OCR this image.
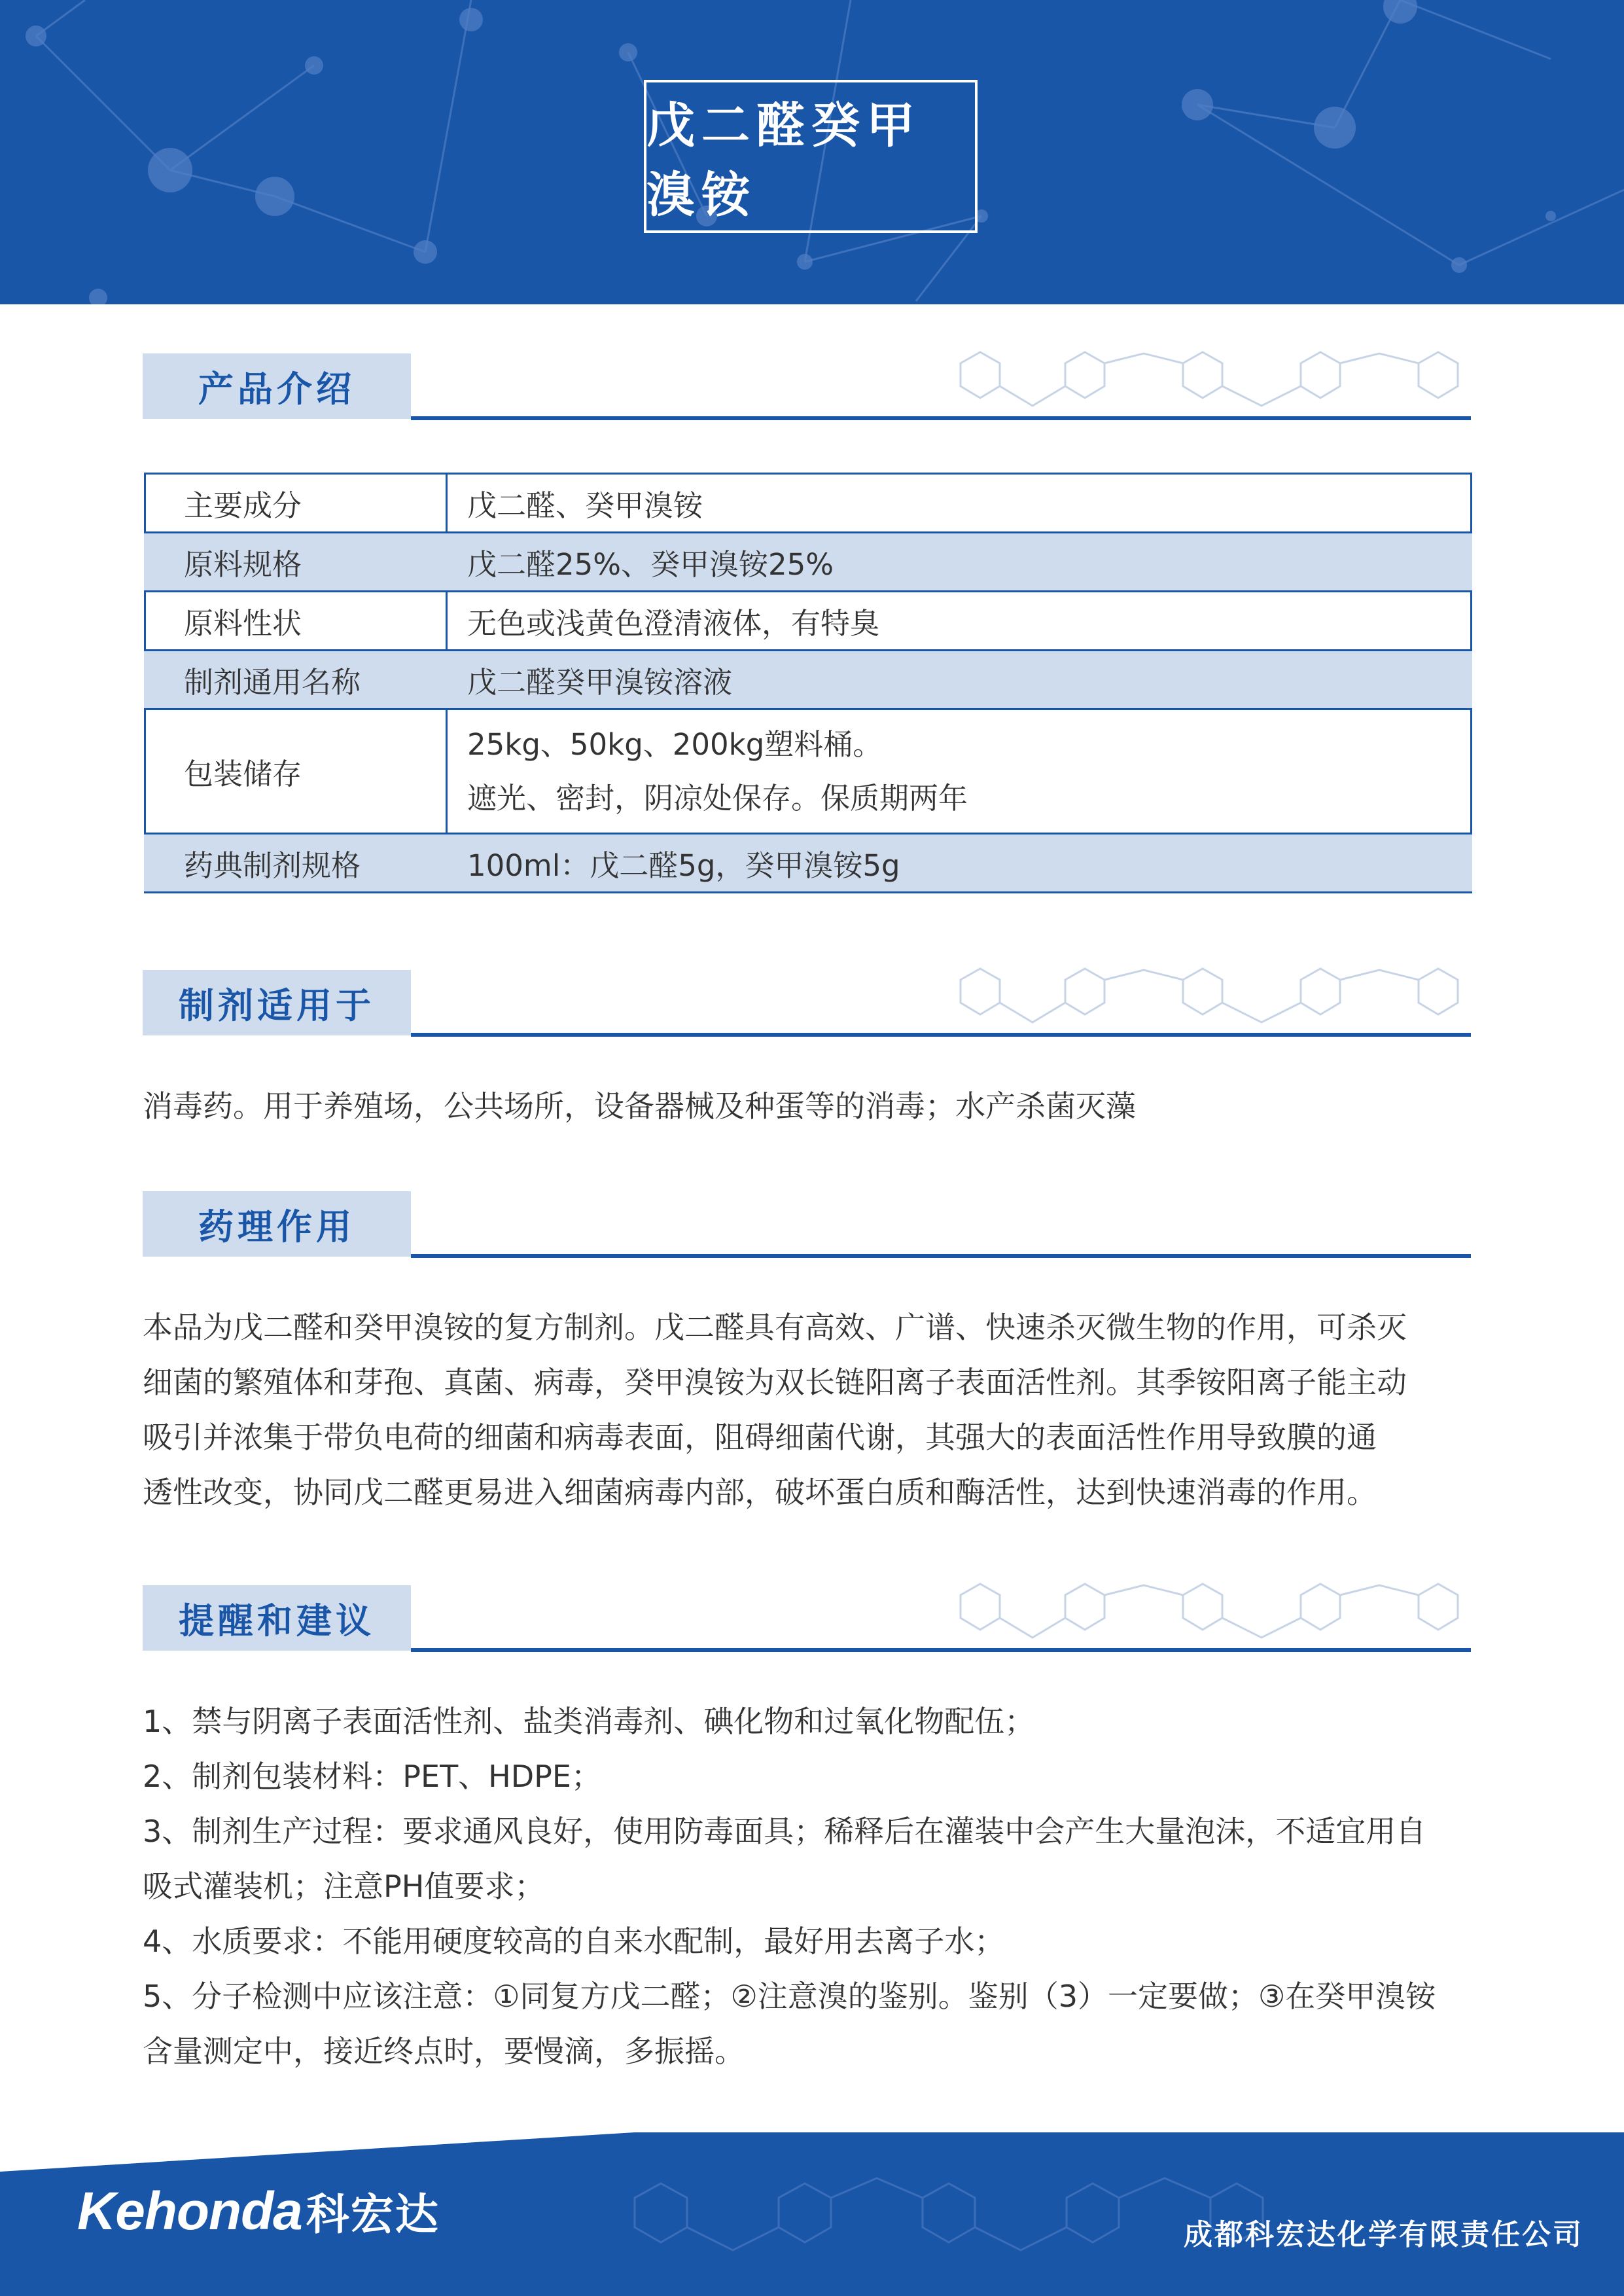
戊二醛癸甲溴铵
产品介绍
主要成分	戊二醛、癸甲溴铵
原料规格	戊二醛25%、癸甲溴铵25%
原料性状	无色或浅黄色澄清液体，有特臭
制剂通用名称	戊二醛癸甲溴铵溶液
包装储存	25kg、50kg、200kg塑料桶。
遮光、密封，阴凉处保存。保质期两年

药典制剂规格	100ml：戊二醛5g，癸甲溴铵5g
制剂适用于

消毒药。用于养殖场，公共场所，设备器械及种蛋等的消毒；水产杀菌灭藻

药理作用
本品为戊二醛和癸甲溴铵的复方制剂。戊二醛具有高效、广谱、快速杀灭微生物的作用，可杀灭
细菌的繁殖体和芽孢、真菌、病毒，癸甲溴铵为双长链阳离子表面活性剂。其季铵阳离子能主动
吸引并浓集于带负电荷的细菌和病毒表面，阻碍细菌代谢，其强大的表面活性作用导致膜的通
透性改变，协同戊二醛更易进入细菌病毒内部，破坏蛋白质和酶活性，达到快速消毒的作用。
提醒和建议
1、禁与阴离子表面活性剂、盐类消毒剂、碘化物和过氧化物配伍；
2、制剂包装材料：PET、HDPE；
3、制剂生产过程：要求通风良好，使用防毒面具；稀释后在灌装中会产生大量泡沫，不适宜用自
吸式灌装机；注意PH值要求；
4、水质要求：不能用硬度较高的自来水配制，最好用去离子水；
5、分子检测中应该注意：①同复方戊二醛；②注意溴的鉴别。鉴别（3）一定要做；③在癸甲溴铵
含量测定中，接近终点时，要慢滴，多振摇。
Kehonda科宏达	成都科宏达化学有限责任公司
